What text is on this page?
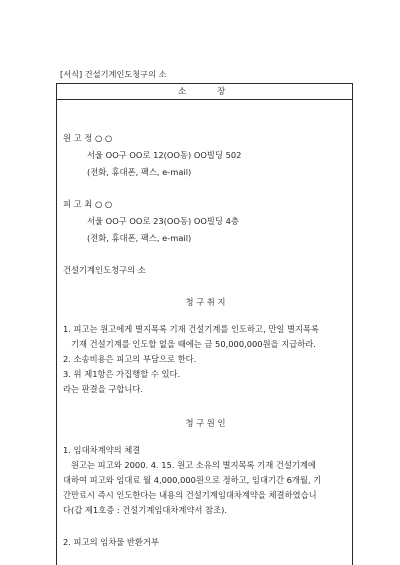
[서식] 건설기계인도청구의 소
소	장
원 고 정 ○ ○
서울 OO구 OO로 12(OO동) OO빌딩 502
(전화, 휴대폰, 팩스, e-mail)
피 고 최 ○ ○
서울 OO구 OO로 23(OO동) OO빌딩 4층
(전화, 휴대폰, 팩스, e-mail)
건설기계인도청구의 소
청 구 취 지
1. 피고는 원고에게 별지목록 기재 건설기계를 인도하고, 만일 별지목록
기재 건설기계를 인도할 없을 때에는 금 50,000,000원을 지급하라.
2. 소송비용은 피고의 부담으로 한다.
3. 위 제1항은 가집행할 수 있다.
라는 판결을 구합니다.
청 구 원 인
1. 임대차계약의 체결
원고는 피고와 2000. 4. 15. 원고 소유의 별지목록 기재 건설기계에
대하여 피고와 임대료 월 4,000,000원으로 정하고, 임대기간 6개월, 기
간만료시 즉시 인도한다는 내용의 건설기계임대차계약을 체결하였습니
다(갑 제1호증 : 건설기계임대차계약서 참조).
2. 피고의 임차물 반환거부
